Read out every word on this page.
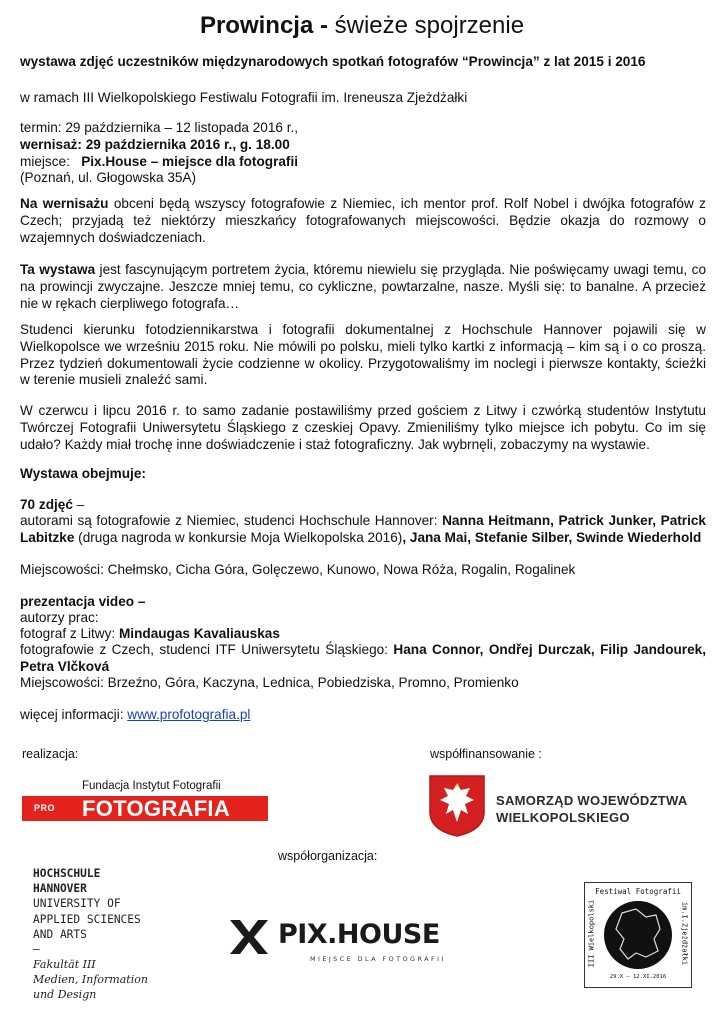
Prowincja - świeże spojrzenie
wystawa zdjęć uczestników międzynarodowych spotkań fotografów “Prowincja” z lat 2015 i 2016
w ramach III Wielkopolskiego Festiwalu Fotografii im. Ireneusza Zjeżdżałki
termin: 29 października – 12 listopada 2016 r.,
wernisaż: 29 października 2016 r., g. 18.00
miejsce:   Pix.House – miejsce dla fotografii
(Poznań, ul. Głogowska 35A)
Na wernisażu obceni będą wszyscy fotografowie z Niemiec, ich mentor prof. Rolf Nobel i dwójka fotografów z Czech; przyjadą też niektórzy mieszkańcy fotografowanych miejscowości. Będzie okazja do rozmowy o wzajemnych doświadczeniach.
Ta wystawa jest fascynującym portretem życia, któremu niewielu się przygląda. Nie poświęcamy uwagi temu, co na prowincji zwyczajne. Jeszcze mniej temu, co cykliczne, powtarzalne, nasze. Myśli się: to banalne. A przecież nie w rękach cierpliwego fotografa…
Studenci kierunku fotodziennikarstwa i fotografii dokumentalnej z Hochschule Hannover pojawili się w Wielkopolsce we wrześniu 2015 roku. Nie mówili po polsku, mieli tylko kartki z informacją – kim są i o co proszą. Przez tydzień dokumentowali życie codzienne w okolicy. Przygotowaliśmy im noclegi i pierwsze kontakty, ścieżki w terenie musieli znaleźć sami.
W czerwcu i lipcu 2016 r. to samo zadanie postawiliśmy przed gościem z Litwy i czwórką studentów Instytutu Twórczej Fotografii Uniwersytetu Śląskiego z czeskiej Opavy. Zmieniliśmy tylko miejsce ich pobytu. Co im się udało? Każdy miał trochę inne doświadczenie i staż fotograficzny. Jak wybrnęli, zobaczymy na wystawie.
Wystawa obejmuje:
70 zdjęć –
autorami są fotografowie z Niemiec, studenci Hochschule Hannover: Nanna Heitmann, Patrick Junker, Patrick Labitzke (druga nagroda w konkursie Moja Wielkopolska 2016), Jana Mai, Stefanie Silber, Swinde Wiederhold
Miejscowości: Chełmsko, Cicha Góra, Golęczewo, Kunowo, Nowa Róża, Rogalin, Rogalinek
prezentacja video –
autorzy prac:
fotograf z Litwy: Mindaugas Kavaliauskas
fotografowie z Czech, studenci ITF Uniwersytetu Śląskiego: Hana Connor, Ondřej Durczak, Filip Jandourek, Petra Vlčková
Miejscowości: Brzeźno, Góra, Kaczyna, Lednica, Pobiedziska, Promno, Promienko
więcej informacji: www.profotografia.pl
realizacja:	współfinansowanie :
współorganizacja:
Fundacja Instytut Fotografii
PRO FOTOGRAFIA	SAMORZĄD WOJEWÓDZTWA
WIELKOPOLSKIEGO
HOCHSCHULE
HANNOVER
UNIVERSITY OF
APPLIED SCIENCES
AND ARTS
–
Fakultät III
Medien, Information
und Design
PIX.HOUSE
MIEJSCE DLA FOTOGRAFII
Festiwal Fotografii
III Wielkopolski	im.I.Zjeżdżałki
29.X – 12.XI.2016
